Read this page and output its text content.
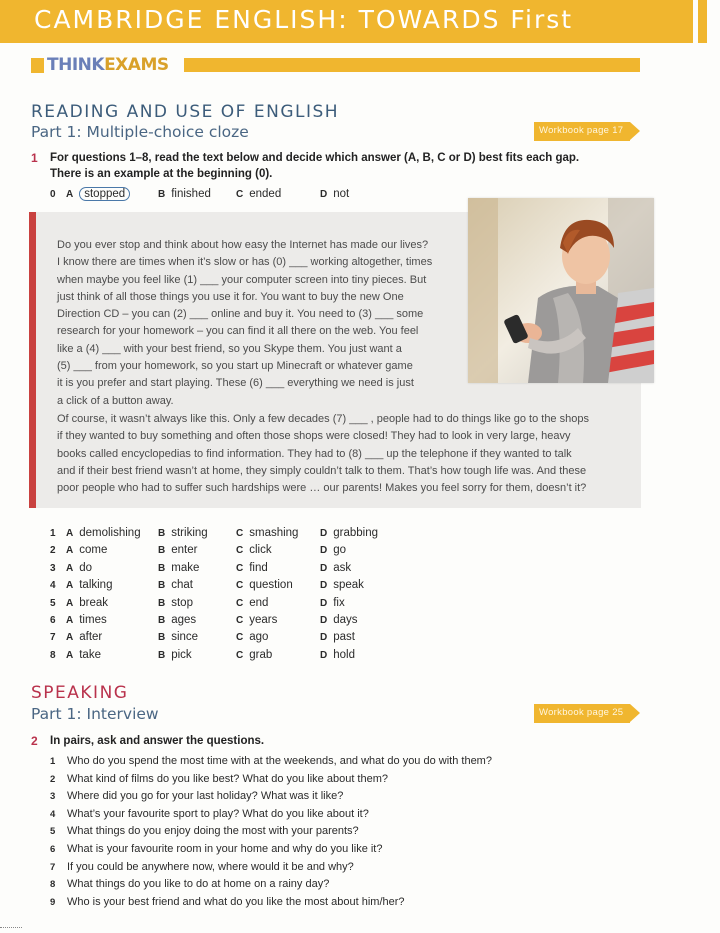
CAMBRIDGE ENGLISH: TOWARDS First
THINKEXAMS
READING AND USE OF ENGLISH
Part 1: Multiple-choice cloze	Workbook page 17
1 For questions 1–8, read the text below and decide which answer (A, B, C or D) best fits each gap.
There is an example at the beginning (0).
0	A stopped	B finished	C ended	D not
Do you ever stop and think about how easy the Internet has made our lives?
I know there are times when it’s slow or has (0) ___ working altogether, times
when maybe you feel like (1) ___ your computer screen into tiny pieces. But
just think of all those things you use it for. You want to buy the new One
Direction CD – you can (2) ___ online and buy it. You need to (3) ___ some
research for your homework – you can find it all there on the web. You feel
like a (4) ___ with your best friend, so you Skype them. You just want a
(5) ___ from your homework, so you start up Minecraft or whatever game
it is you prefer and start playing. These (6) ___ everything we need is just
a click of a button away.
Of course, it wasn’t always like this. Only a few decades (7) ___ , people had to do things like go to the shops
if they wanted to buy something and often those shops were closed! They had to look in very large, heavy
books called encyclopedias to find information. They had to (8) ___ up the telephone if they wanted to talk
and if their best friend wasn’t at home, they simply couldn’t talk to them. That’s how tough life was. And these
poor people who had to suffer such hardships were … our parents! Makes you feel sorry for them, doesn’t it?
1 A demolishing B striking	C smashing D grabbing
2 A come	B enter	C click	D go
3 A do	B make	C find	D ask
4 A talking	B chat	C question	D speak
5 A break	B stop	C end	D fix
6 A times	B ages	C years	D days
7 A after	B since	C ago	D past
8 A take	B pick	C grab	D hold
SPEAKING
Part 1: Interview	Workbook page 25
2 In pairs, ask and answer the questions.
1 Who do you spend the most time with at the weekends, and what do you do with them?
2 What kind of films do you like best? What do you like about them?
3 Where did you go for your last holiday? What was it like?
4 What’s your favourite sport to play? What do you like about it?
5 What things do you enjoy doing the most with your parents?
6 What is your favourite room in your home and why do you like it?
7 If you could be anywhere now, where would it be and why?
8 What things do you like to do at home on a rainy day?
9 Who is your best friend and what do you like the most about him/her?
